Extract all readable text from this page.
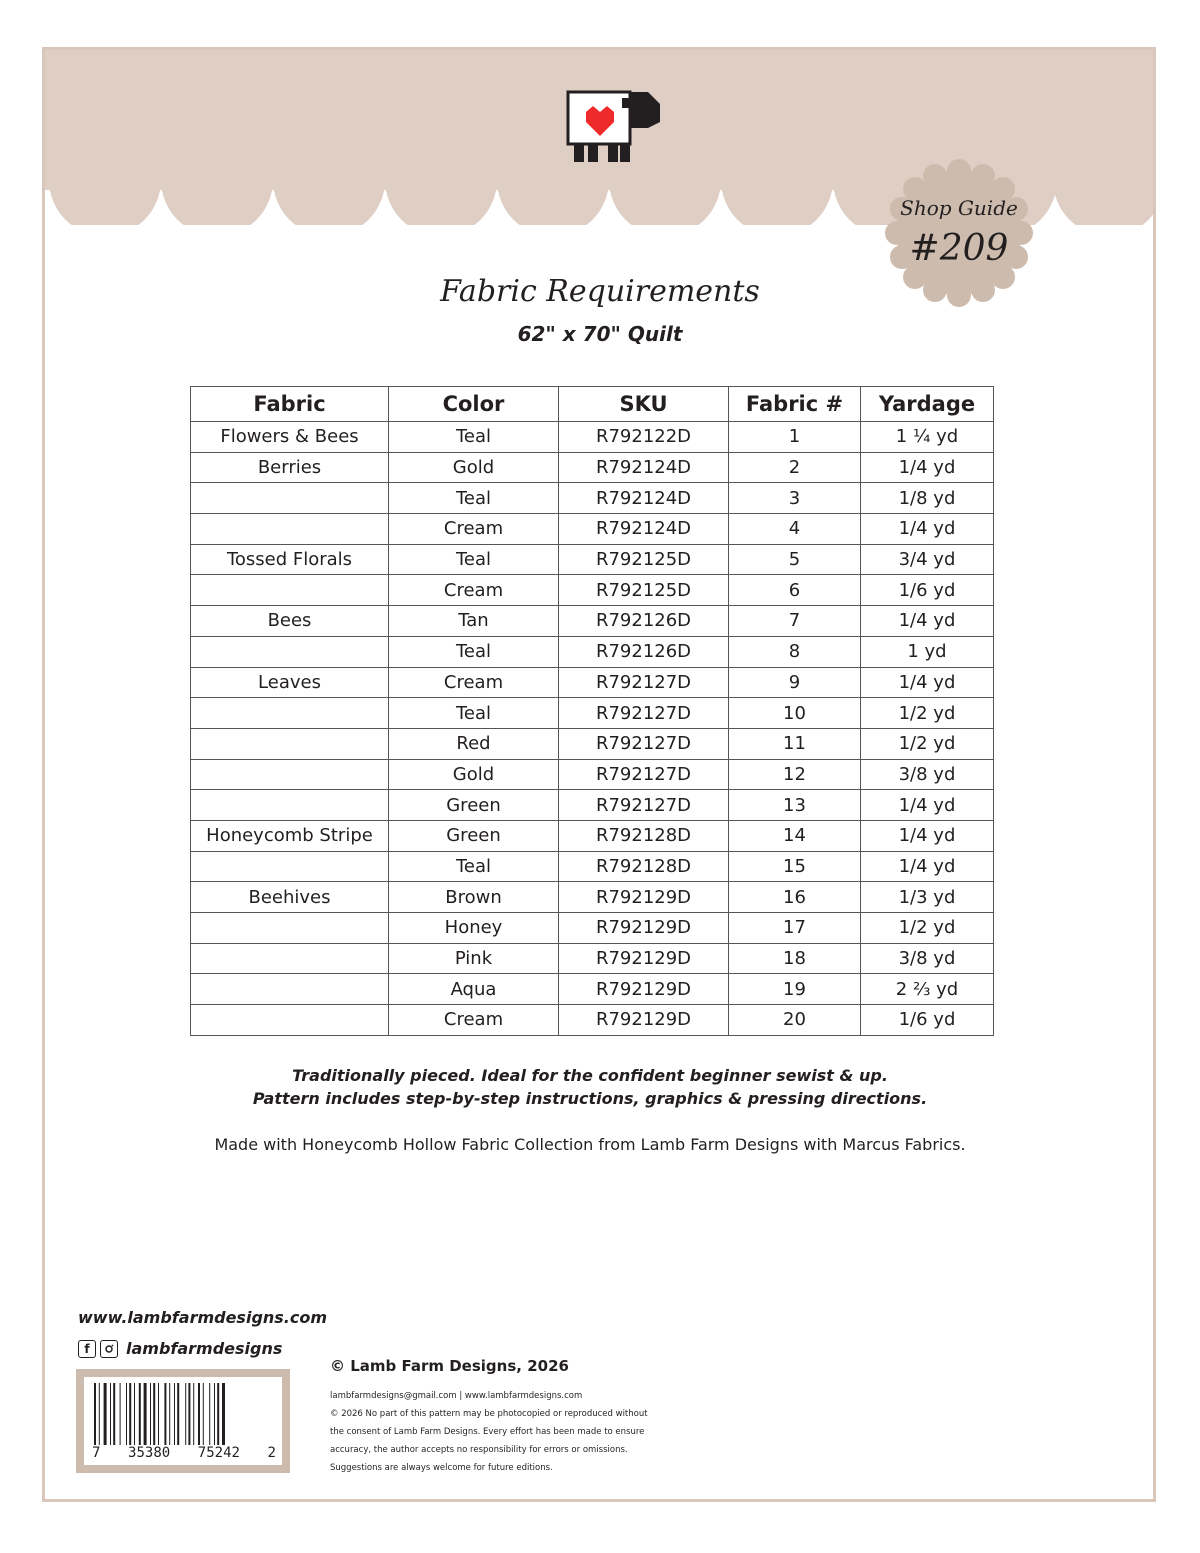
Shop Guide
#209
Fabric Requirements
62" x 70" Quilt
Fabric	Color	SKU	Fabric #	Yardage
Flowers & Bees	Teal	R792122D	1	1 ¼ yd
Berries	Gold	R792124D	2	1/4 yd
	Teal	R792124D	3	1/8 yd
	Cream	R792124D	4	1/4 yd
Tossed Florals	Teal	R792125D	5	3/4 yd
	Cream	R792125D	6	1/6 yd
Bees	Tan	R792126D	7	1/4 yd
	Teal	R792126D	8	1 yd
Leaves	Cream	R792127D	9	1/4 yd
	Teal	R792127D	10	1/2 yd
	Red	R792127D	11	1/2 yd
	Gold	R792127D	12	3/8 yd
	Green	R792127D	13	1/4 yd
Honeycomb Stripe	Green	R792128D	14	1/4 yd
	Teal	R792128D	15	1/4 yd
Beehives	Brown	R792129D	16	1/3 yd
	Honey	R792129D	17	1/2 yd
	Pink	R792129D	18	3/8 yd
	Aqua	R792129D	19	2 ⅔ yd
	Cream	R792129D	20	1/6 yd
Traditionally pieced. Ideal for the confident beginner sewist & up.
Pattern includes step-by-step instructions, graphics & pressing directions.
Made with Honeycomb Hollow Fabric Collection from Lamb Farm Designs with Marcus Fabrics.
www.lambfarmdesigns.com
f	lambfarmdesigns
7 35380 75242 2
© Lamb Farm Designs, 2026
lambfarmdesigns@gmail.com | www.lambfarmdesigns.com
© 2026 No part of this pattern may be photocopied or reproduced without
the consent of Lamb Farm Designs. Every effort has been made to ensure
accuracy, the author accepts no responsibility for errors or omissions.
Suggestions are always welcome for future editions.
